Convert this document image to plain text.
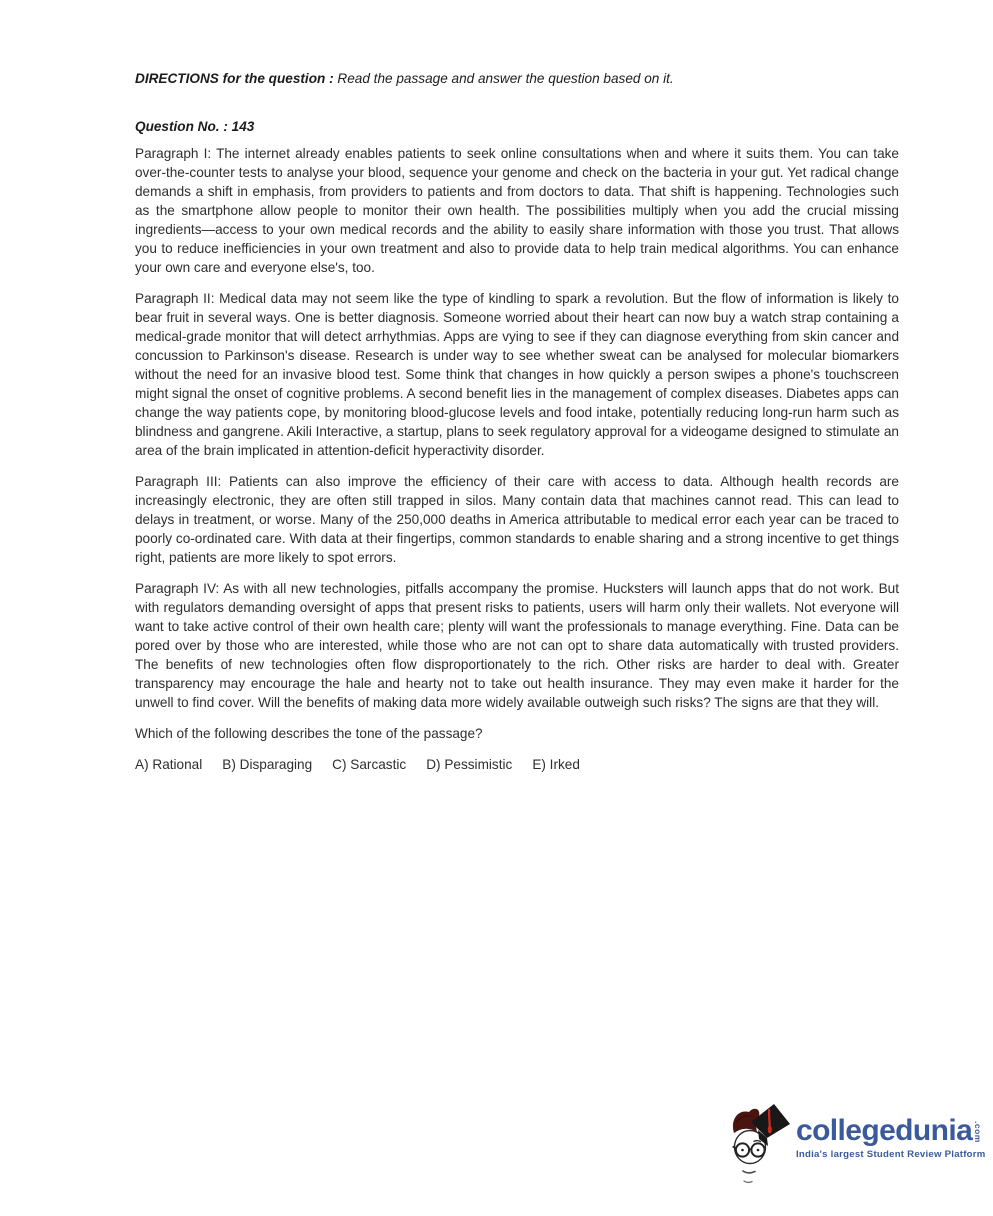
DIRECTIONS for the question : Read the passage and answer the question based on it.

Question No. : 143

Paragraph I: The internet already enables patients to seek online consultations when and where it suits them. You can take over-the-counter tests to analyse your blood, sequence your genome and check on the bacteria in your gut. Yet radical change demands a shift in emphasis, from providers to patients and from doctors to data. That shift is happening. Technologies such as the smartphone allow people to monitor their own health. The possibilities multiply when you add the crucial missing ingredients—access to your own medical records and the ability to easily share information with those you trust. That allows you to reduce inefficiencies in your own treatment and also to provide data to help train medical algorithms. You can enhance your own care and everyone else's, too.

Paragraph II: Medical data may not seem like the type of kindling to spark a revolution. But the flow of information is likely to bear fruit in several ways. One is better diagnosis. Someone worried about their heart can now buy a watch strap containing a medical-grade monitor that will detect arrhythmias. Apps are vying to see if they can diagnose everything from skin cancer and concussion to Parkinson's disease. Research is under way to see whether sweat can be analysed for molecular biomarkers without the need for an invasive blood test. Some think that changes in how quickly a person swipes a phone's touchscreen might signal the onset of cognitive problems. A second benefit lies in the management of complex diseases. Diabetes apps can change the way patients cope, by monitoring blood-glucose levels and food intake, potentially reducing long-run harm such as blindness and gangrene. Akili Interactive, a startup, plans to seek regulatory approval for a videogame designed to stimulate an area of the brain implicated in attention-deficit hyperactivity disorder.

Paragraph III: Patients can also improve the efficiency of their care with access to data. Although health records are increasingly electronic, they are often still trapped in silos. Many contain data that machines cannot read. This can lead to delays in treatment, or worse. Many of the 250,000 deaths in America attributable to medical error each year can be traced to poorly co-ordinated care. With data at their fingertips, common standards to enable sharing and a strong incentive to get things right, patients are more likely to spot errors.

Paragraph IV: As with all new technologies, pitfalls accompany the promise. Hucksters will launch apps that do not work. But with regulators demanding oversight of apps that present risks to patients, users will harm only their wallets. Not everyone will want to take active control of their own health care; plenty will want the professionals to manage everything. Fine. Data can be pored over by those who are interested, while those who are not can opt to share data automatically with trusted providers. The benefits of new technologies often flow disproportionately to the rich. Other risks are harder to deal with. Greater transparency may encourage the hale and hearty not to take out health insurance. They may even make it harder for the unwell to find cover. Will the benefits of making data more widely available outweigh such risks? The signs are that they will.

Which of the following describes the tone of the passage?

A) Rational B) Disparaging C) Sarcastic D) Pessimistic E) Irked
collegedunia .com
India's largest Student Review Platform
